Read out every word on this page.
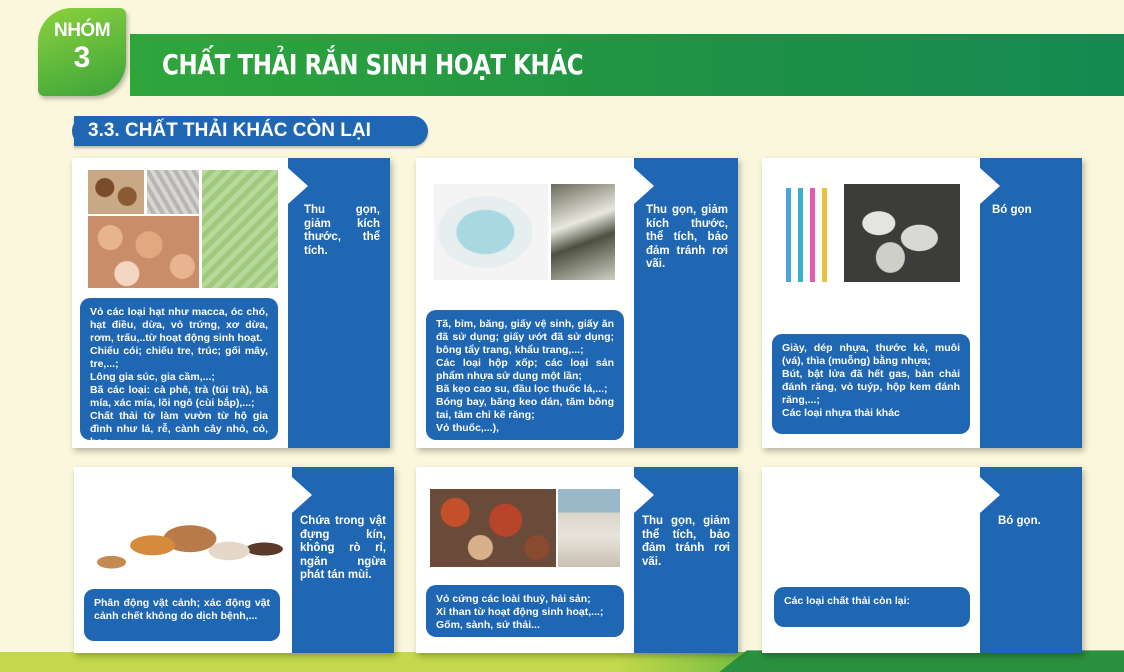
CHẤT THẢI RẮN SINH HOẠT KHÁC
NHÓM
3
3.3. CHẤT THẢI KHÁC CÒN LẠI
Thu gọn, giảm kích thước, thể tích.
Vỏ các loại hạt như macca, óc chó, hạt điều, dừa, vỏ trứng, xơ dừa, rơm, trấu,..từ hoạt động sinh hoạt.
Chiếu cói; chiếu tre, trúc; gối mây, tre,...;
Lông gia súc, gia cầm,...;
Bã các loại: cà phê, trà (túi trà), bã mía, xác mía, lõi ngô (cùi bắp),...;
Chất thải từ làm vườn từ hộ gia đình như lá, rễ, cành cây nhỏ, cỏ, hoa,...
Thu gọn, giảm kích thước, thể tích, bảo đảm tránh rơi vãi.
Tã, bỉm, băng, giấy vệ sinh, giấy ăn đã sử dụng; giấy ướt đã sử dụng; bông tẩy trang, khẩu trang,...;
Các loại hộp xốp; các loại sản phẩm nhựa sử dụng một lần;
Bã kẹo cao su, đầu lọc thuốc lá,...;
Bóng bay, băng keo dán, tăm bông tai, tăm chỉ kẽ răng;
Vỏ thuốc,...),
Bó gọn
Giày, dép nhựa, thước kẻ, muôi (vá), thìa (muỗng) bằng nhựa;
Bút, bật lửa đã hết gas, bàn chải đánh răng, vỏ tuýp, hộp kem đánh răng,...;
Các loại nhựa thải khác
Chứa trong vật đựng kín, không rò rỉ, ngăn ngừa phát tán mùi.
Phân động vật cảnh; xác động vật cảnh chết không do dịch bệnh,...
Thu gọn, giảm thể tích, bảo đảm tránh rơi vãi.
Vỏ cứng các loài thuỷ, hải sản;
Xỉ than từ hoạt động sinh hoạt,...;
Gốm, sành, sứ thải...
Bó gọn.
Các loại chất thải còn lại:
